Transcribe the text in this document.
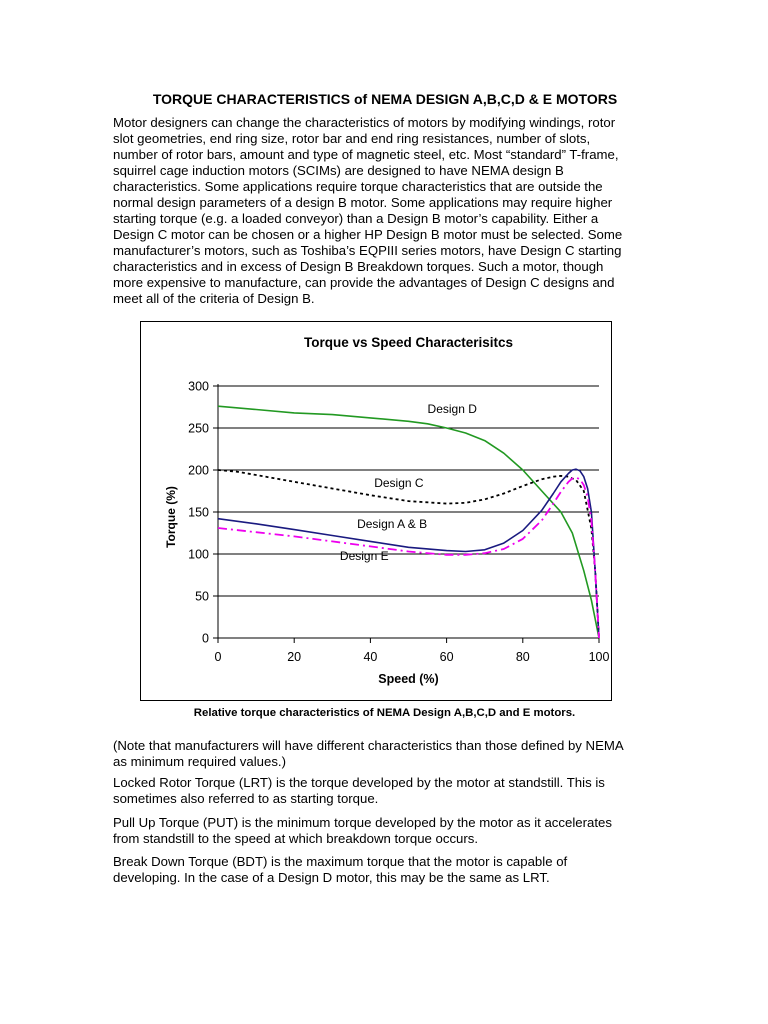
TORQUE CHARACTERISTICS of NEMA DESIGN A,B,C,D & E MOTORS

Motor designers can change the characteristics of motors by modifying windings, rotor
slot geometries, end ring size, rotor bar and end ring resistances, number of slots,
number of rotor bars, amount and type of magnetic steel, etc. Most “standard” T-frame,
squirrel cage induction motors (SCIMs) are designed to have NEMA design B
characteristics. Some applications require torque characteristics that are outside the
normal design parameters of a design B motor. Some applications may require higher
starting torque (e.g. a loaded conveyor) than a Design B motor’s capability. Either a
Design C motor can be chosen or a higher HP Design B motor must be selected. Some
manufacturer’s motors, such as Toshiba’s EQPIII series motors, have Design C starting
characteristics and in excess of Design B Breakdown torques. Such a motor, though
more expensive to manufacture, can provide the advantages of Design C designs and
meet all of the criteria of Design B.

Torque vs Speed Characterisitcs
0
50
100
150
200
250
300
0	20	40	60	80	100
Speed (%)
Torque (%)
Design D
Design C
Design A & B
Design E

Relative torque characteristics of NEMA Design A,B,C,D and E motors.

(Note that manufacturers will have different characteristics than those defined by NEMA
as minimum required values.)

Locked Rotor Torque (LRT) is the torque developed by the motor at standstill. This is
sometimes also referred to as starting torque.

Pull Up Torque (PUT) is the minimum torque developed by the motor as it accelerates
from standstill to the speed at which breakdown torque occurs.

Break Down Torque (BDT) is the maximum torque that the motor is capable of
developing. In the case of a Design D motor, this may be the same as LRT.
